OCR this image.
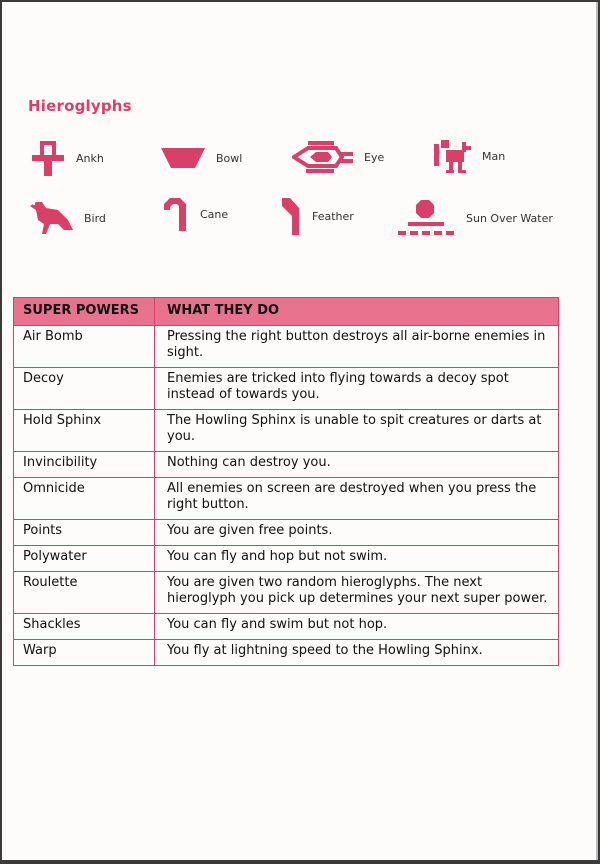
Hieroglyphs
Ankh	Bowl	Eye	Man
Bird	Cane	Feather	Sun Over Water
SUPER POWERS	WHAT THEY DO
Air Bomb	Pressing the right button destroys all air-borne enemies in sight.
Decoy	Enemies are tricked into flying towards a decoy spot instead of towards you.
Hold Sphinx	The Howling Sphinx is unable to spit creatures or darts at you.
Invincibility	Nothing can destroy you.
Omnicide	All enemies on screen are destroyed when you press the right button.
Points	You are given free points.
Polywater	You can fly and hop but not swim.
Roulette	You are given two random hieroglyphs. The next hieroglyph you pick up determines your next super power.
Shackles	You can fly and swim but not hop.
Warp	You fly at lightning speed to the Howling Sphinx.
